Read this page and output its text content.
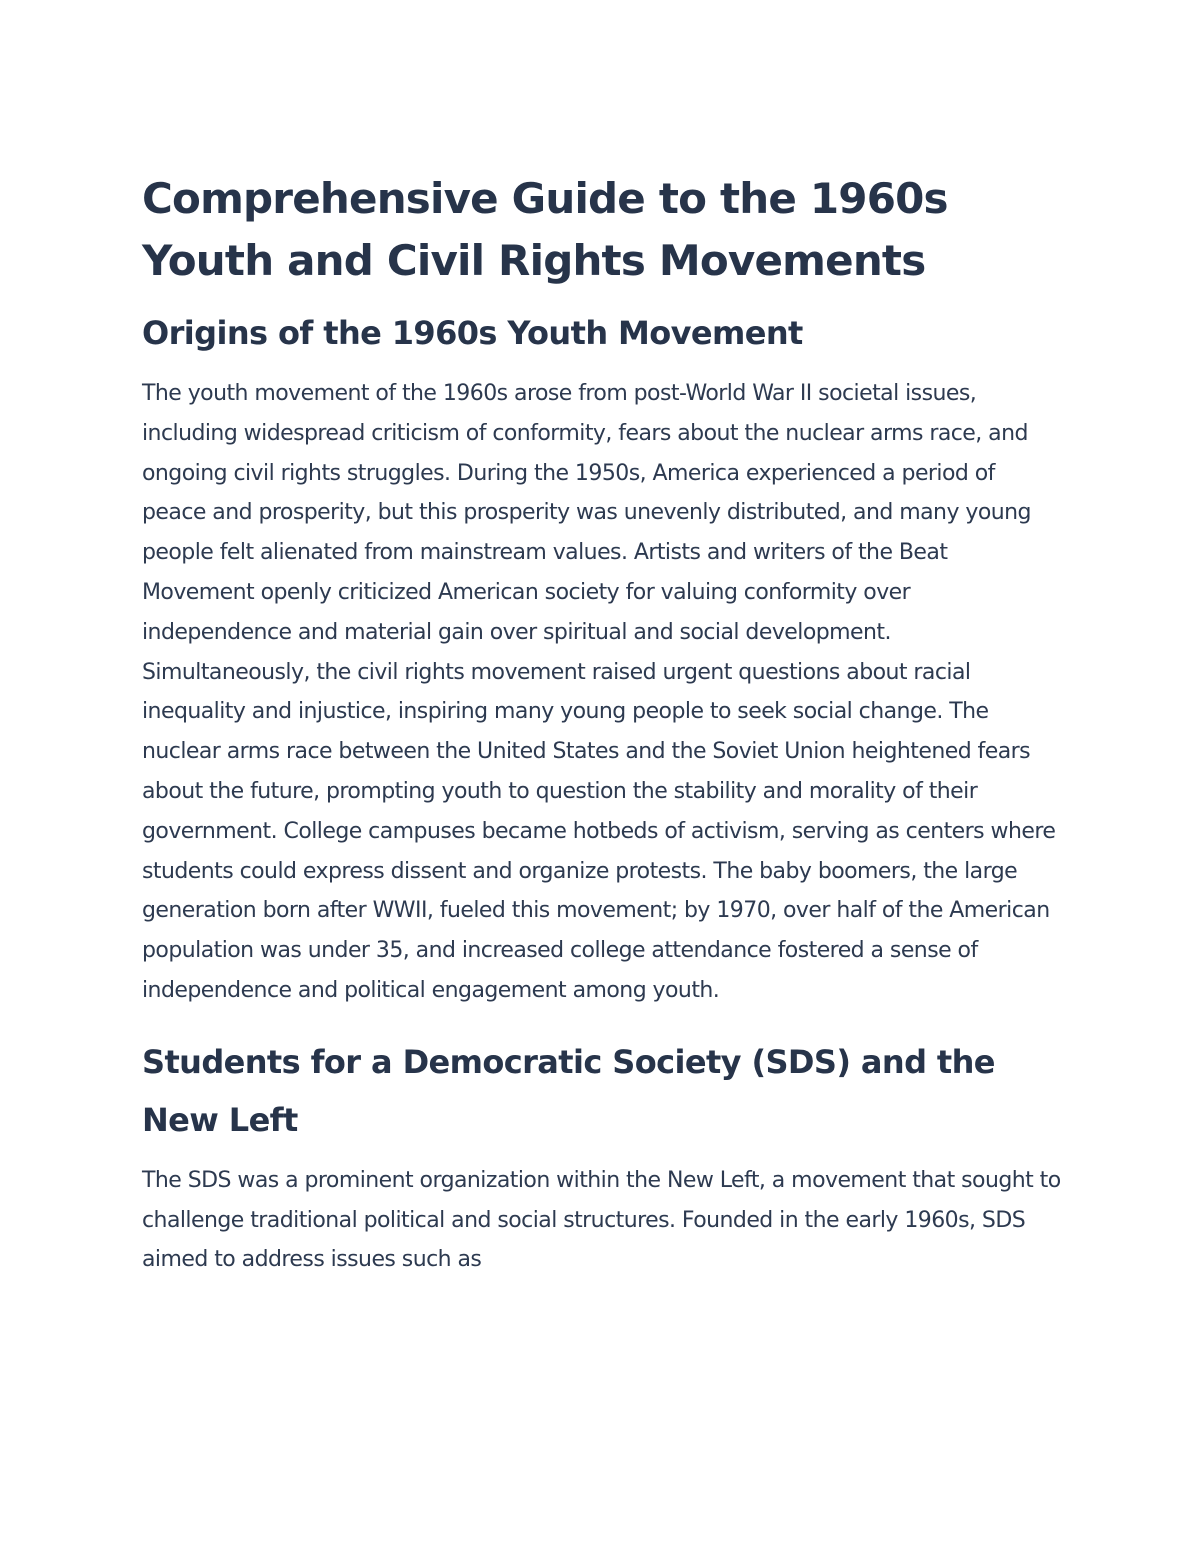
Comprehensive Guide to the 1960s Youth and Civil Rights Movements
Origins of the 1960s Youth Movement

The youth movement of the 1960s arose from post-World War II societal issues, including widespread criticism of conformity, fears about the nuclear arms race, and ongoing civil rights struggles. During the 1950s, America experienced a period of peace and prosperity, but this prosperity was unevenly distributed, and many young people felt alienated from mainstream values. Artists and writers of the Beat Movement openly criticized American society for valuing conformity over independence and material gain over spiritual and social development. Simultaneously, the civil rights movement raised urgent questions about racial inequality and injustice, inspiring many young people to seek social change. The nuclear arms race between the United States and the Soviet Union heightened fears about the future, prompting youth to question the stability and morality of their government. College campuses became hotbeds of activism, serving as centers where students could express dissent and organize protests. The baby boomers, the large generation born after WWII, fueled this movement; by 1970, over half of the American population was under 35, and increased college attendance fostered a sense of independence and political engagement among youth.

Students for a Democratic Society (SDS) and the New Left

The SDS was a prominent organization within the New Left, a movement that sought to challenge traditional political and social structures. Founded in the early 1960s, SDS aimed to address issues such as
